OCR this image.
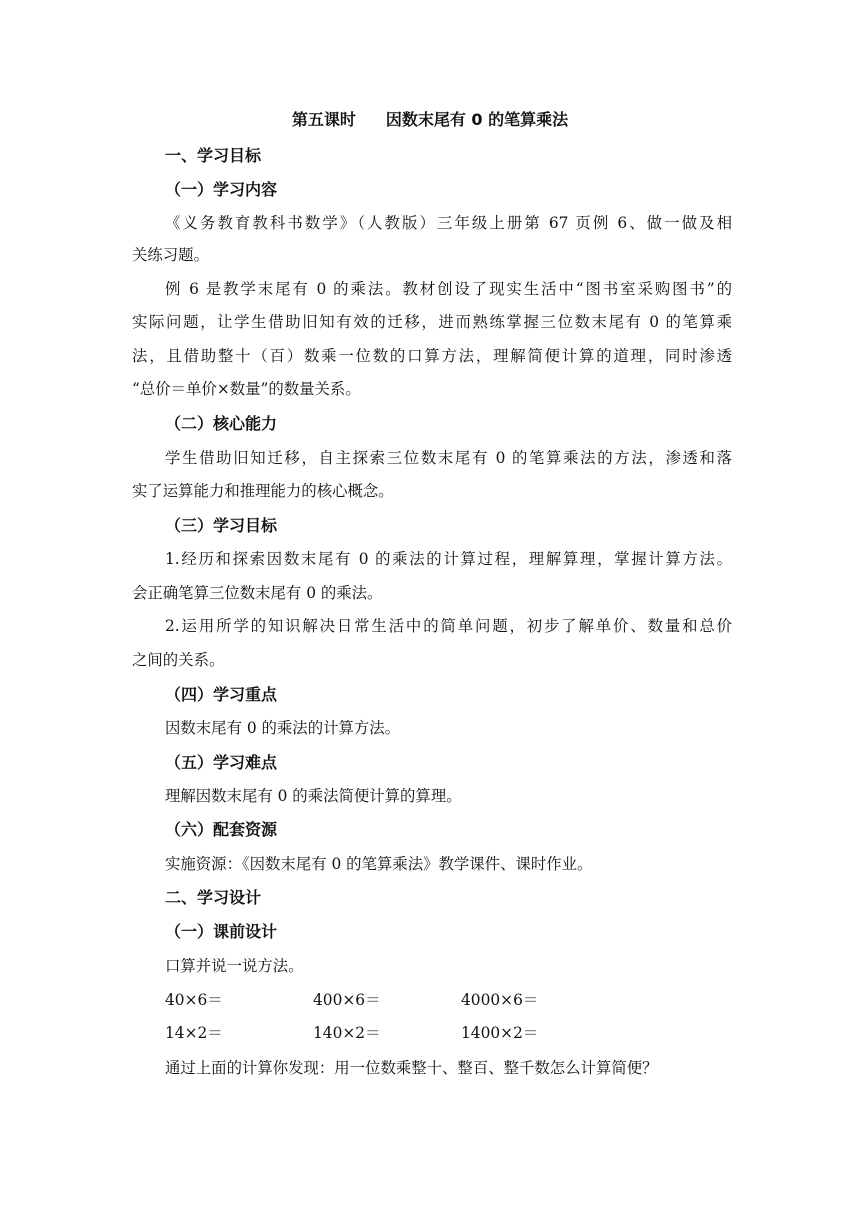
第五课时 因数末尾有 0 的笔算乘法
一、学习目标
（一）学习内容
《义务教育教科书数学》（人教版）三年级上册第 67 页例 6、做一做及相
关练习题。
例 6 是教学末尾有 0 的乘法。教材创设了现实生活中“图书室采购图书”的
实际问题，让学生借助旧知有效的迁移，进而熟练掌握三位数末尾有 0 的笔算乘
法，且借助整十（百）数乘一位数的口算方法，理解简便计算的道理，同时渗透
“总价＝单价×数量”的数量关系。
（二）核心能力
学生借助旧知迁移，自主探索三位数末尾有 0 的笔算乘法的方法，渗透和落
实了运算能力和推理能力的核心概念。
（三）学习目标
1.经历和探索因数末尾有 0 的乘法的计算过程，理解算理，掌握计算方法。
会正确笔算三位数末尾有 0 的乘法。
2.运用所学的知识解决日常生活中的简单问题，初步了解单价、数量和总价
之间的关系。
（四）学习重点
因数末尾有 0 的乘法的计算方法。
（五）学习难点
理解因数末尾有 0 的乘法简便计算的算理。
（六）配套资源
实施资源：《因数末尾有 0 的笔算乘法》教学课件、课时作业。
二、学习设计
（一）课前设计
口算并说一说方法。
40×6＝	400×6＝	4000×6＝
14×2＝	140×2＝	1400×2＝
通过上面的计算你发现：用一位数乘整十、整百、整千数怎么计算简便？
